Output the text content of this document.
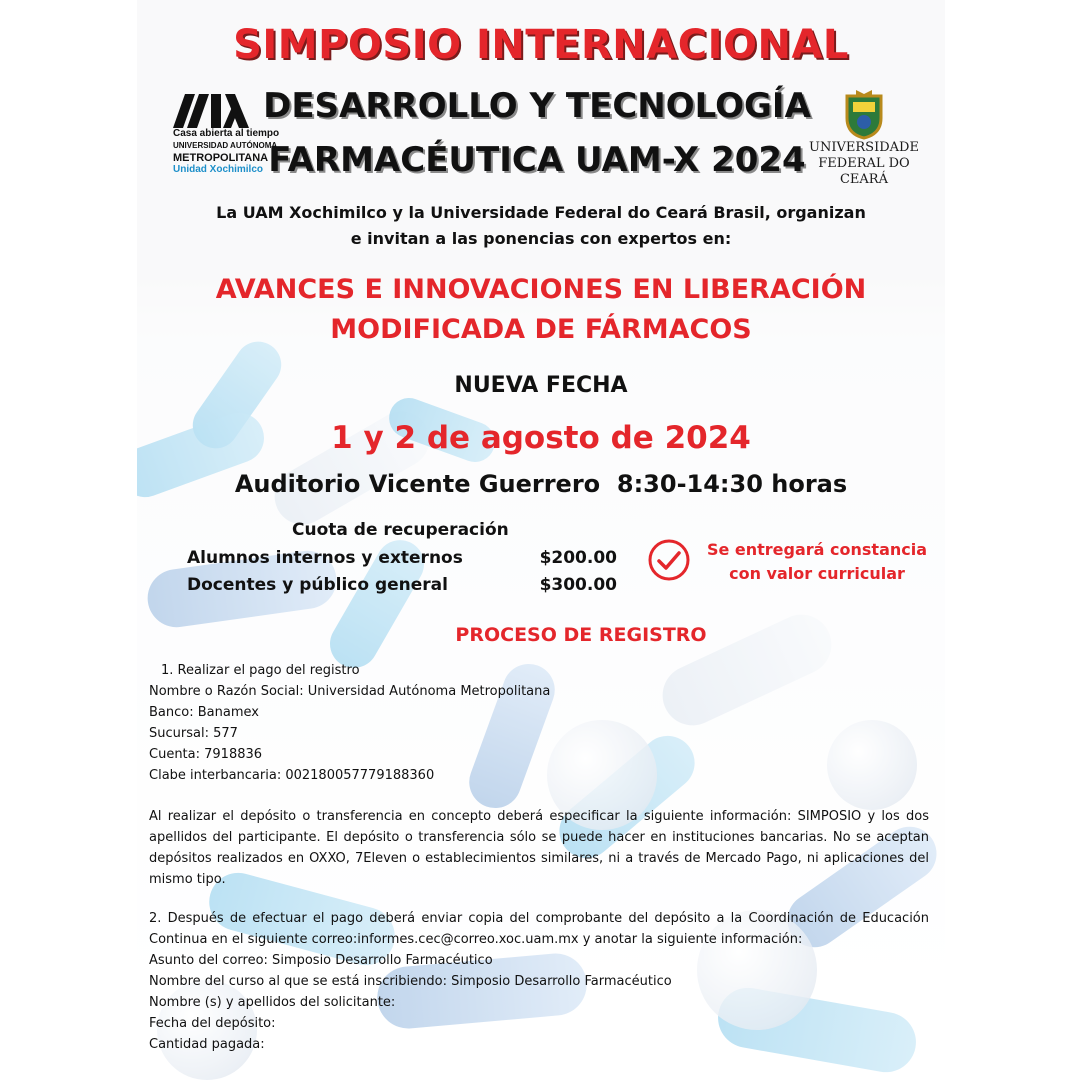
SIMPOSIO INTERNACIONAL
Casa abierta al tiempo
UNIVERSIDAD AUTÓNOMA
METROPOLITANA
Unidad Xochimilco
DESARROLLO Y TECNOLOGÍA
FARMACÉUTICA UAM-X 2024 UNIVERSIDADE
FEDERAL DO CEARÁ
La UAM Xochimilco y la Universidade Federal do Ceará Brasil, organizan
e invitan a las ponencias con expertos en:
AVANCES E INNOVACIONES EN LIBERACIÓN
MODIFICADA DE FÁRMACOS
NUEVA FECHA
1 y 2 de agosto de 2024
Auditorio Vicente Guerrero  8:30-14:30 horas
Cuota de recuperación
Alumnos internos y externos	$200.00
Docentes y público general	$300.00
Se entregará constancia
con valor curricular
PROCESO DE REGISTRO

1. Realizar el pago del registro

Nombre o Razón Social: Universidad Autónoma Metropolitana

Banco: Banamex

Sucursal: 577

Cuenta: 7918836

Clabe interbancaria: 002180057779188360

Al realizar el depósito o transferencia en concepto deberá especificar la siguiente información: SIMPOSIO y los dos apellidos del participante. El depósito o transferencia sólo se puede hacer en instituciones bancarias. No se aceptan depósitos realizados en OXXO, 7Eleven o establecimientos similares, ni a través de Mercado Pago, ni aplicaciones del mismo tipo.

2. Después de efectuar el pago deberá enviar copia del comprobante del depósito a la Coordinación de Educación Continua en el siguiente correo:informes.cec@correo.xoc.uam.mx y anotar la siguiente información:

Asunto del correo: Simposio Desarrollo Farmacéutico

Nombre del curso al que se está inscribiendo: Simposio Desarrollo Farmacéutico

Nombre (s) y apellidos del solicitante:

Fecha del depósito:

Cantidad pagada:
